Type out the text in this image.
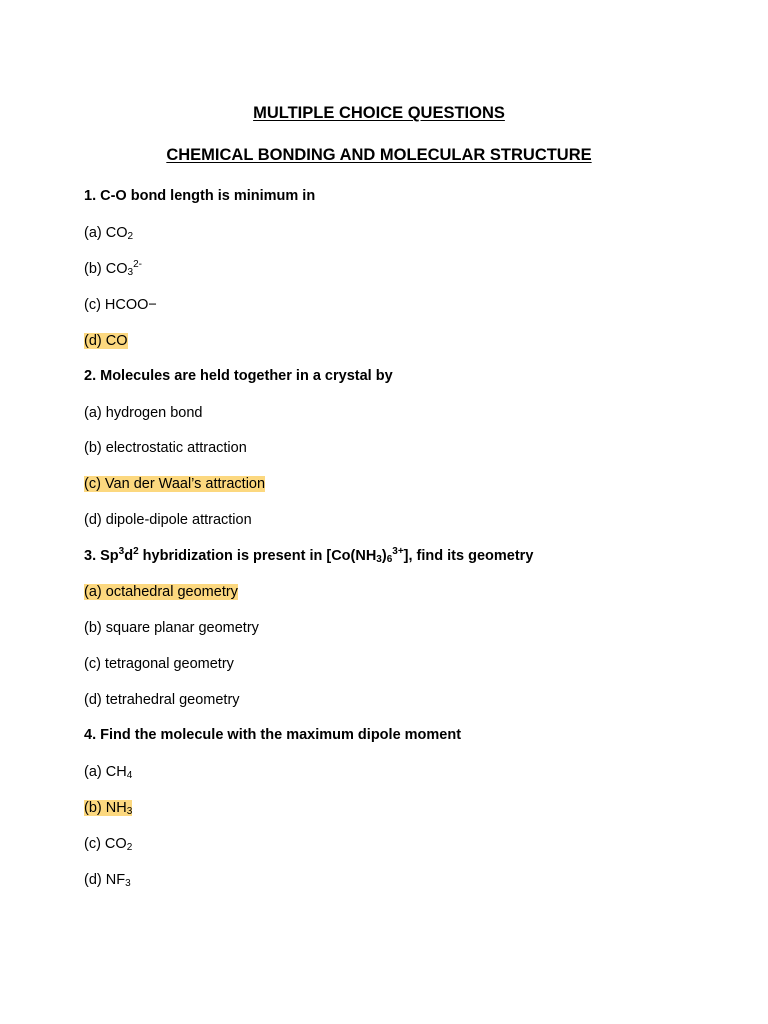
MULTIPLE CHOICE QUESTIONS
CHEMICAL BONDING AND MOLECULAR STRUCTURE

1. C-O bond length is minimum in

(a) $CO_2$

(b) $CO_3^{2-}$

(c) HCOO−

(d) CO

2. Molecules are held together in a crystal by

(a) hydrogen bond

(b) electrostatic attraction

(c) Van der Waal’s attraction

(d) dipole-dipole attraction

3. $Sp^3d^2$ hybridization is present in $[Co(NH_3)_6^{3+}]$, find its geometry

(a) octahedral geometry

(b) square planar geometry

(c) tetragonal geometry

(d) tetrahedral geometry

4. Find the molecule with the maximum dipole moment

(a) $CH_4$

(b) $NH_3$

(c) $CO_2$

(d) $NF_3$
